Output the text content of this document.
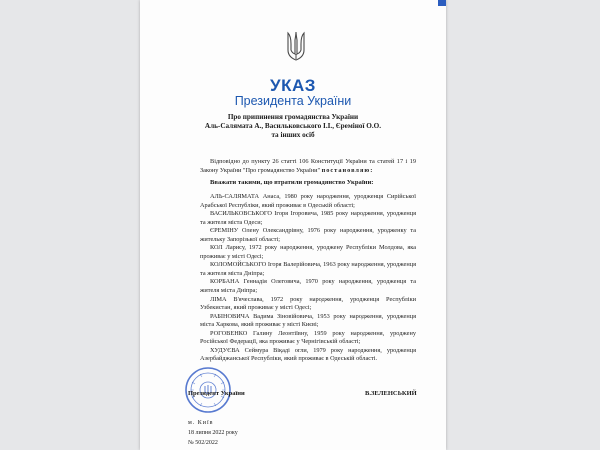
УКАЗ
Президента України
Про припинення громадянства України
Аль-Салямата А., Васильковського І.І., Єреміної О.О.
та інших осіб
Відповідно до пункту 26 статті 106 Конституції України та статей 17 і 19 Закону України "Про громадянство України" постановляю:
Вважати такими, що втратили громадянство України:

АЛЬ-САЛЯМАТА Анаса, 1980 року народження, уродженця Сирійської Арабської Республіки, який проживає в Одеській області;

ВАСИЛЬКОВСЬКОГО Ігоря Ігоровича, 1985 року народження, уродженця та жителя міста Одеси;

ЄРЕМІНУ Олену Олександрівну, 1976 року народження, уродженку та жительку Запорізької області;

КОЛ Ларису, 1972 року народження, уроджену Республіки Молдова, яка проживає у місті Одесі;

КОЛОМОЙСЬКОГО Ігоря Валерійовича, 1963 року народження, уродженця та жителя міста Дніпра;

КОРБАНА Геннадія Олеговича, 1970 року народження, уродженця та жителя міста Дніпра;

ЛІМА В'ячеслава, 1972 року народження, уродженця Республіки Узбекистан, який проживає у місті Одесі;

РАБІНОВИЧА Вадима Зіновійовича, 1953 року народження, уродженця міста Харкова, який проживає у місті Києві;

РОГОВЕНКО Галину Леонтіївну, 1959 року народження, уроджену Російської Федерації, яка проживає у Чернігівській області;

ХУДУЄВА Сеймура Віқаді огли, 1979 року народження, уродженця Азербайджанської Республіки, який проживає в Одеській області.

Президент України	В.ЗЕЛЕНСЬКИЙ
м. Київ
18 липня 2022 року
№ 502/2022
